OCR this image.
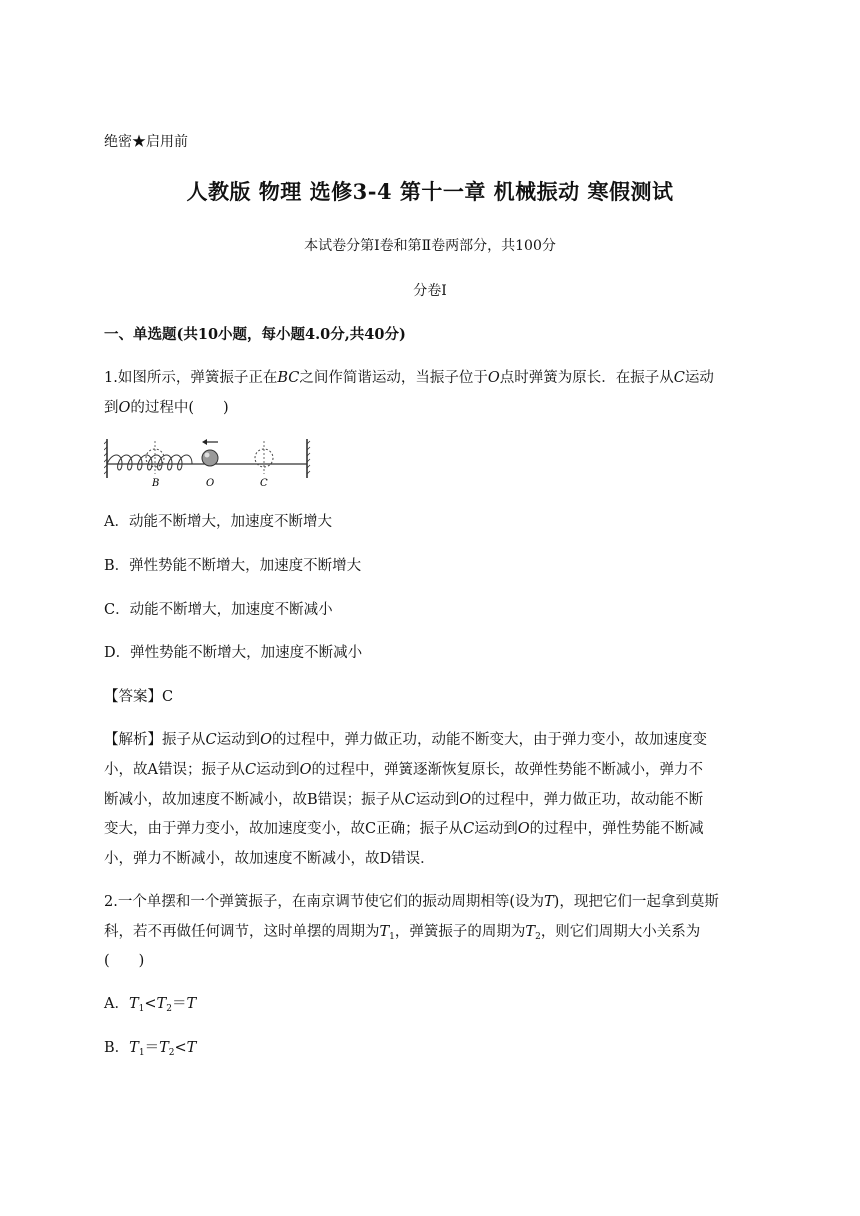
绝密★启用前
人教版 物理 选修3-4 第十一章 机械振动 寒假测试
本试卷分第Ⅰ卷和第Ⅱ卷两部分，共100分
分卷I
一、单选题(共10小题，每小题4.0分,共40分)
1.如图所示，弹簧振子正在BC之间作简谐运动，当振子位于O点时弹簧为原长．在振子从C运动
到O的过程中(　　)
B	O	C
A．动能不断增大，加速度不断增大
B．弹性势能不断增大，加速度不断增大
C．动能不断增大，加速度不断减小
D．弹性势能不断增大，加速度不断减小
【答案】C
【解析】振子从C运动到O的过程中，弹力做正功，动能不断变大，由于弹力变小，故加速度变
小，故A错误；振子从C运动到O的过程中，弹簧逐渐恢复原长，故弹性势能不断减小，弹力不
断减小，故加速度不断减小，故B错误；振子从C运动到O的过程中，弹力做正功，故动能不断
变大，由于弹力变小，故加速度变小，故C正确；振子从C运动到O的过程中，弹性势能不断减
小，弹力不断减小，故加速度不断减小，故D错误．
2.一个单摆和一个弹簧振子，在南京调节使它们的振动周期相等(设为T)，现把它们一起拿到莫斯
科，若不再做任何调节，这时单摆的周期为$T_1$，弹簧振子的周期为$T_2$，则它们周期大小关系为
(　　)
A．$T_1<T_2=T$
B．$T_1=T_2<T$
